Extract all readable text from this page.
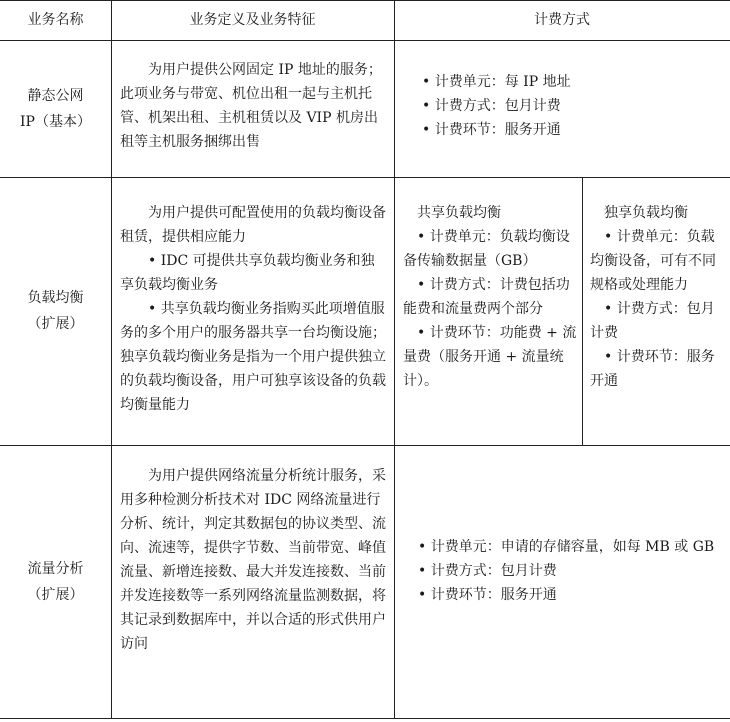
业务名称	业务定义及业务特征	计费方式
静态公网
IP（基本）

为用户提供公网固定 IP 地址的服务；此项业务与带宽、机位出租一起与主机托管、机架出租、主机租赁以及 VIP 机房出租等主机服务捆绑出售

• 计费单元：每 IP 地址

• 计费方式：包月计费

• 计费环节：服务开通

负载均衡
（扩展）

为用户提供可配置使用的负载均衡设备租赁，提供相应能力

• IDC 可提供共享负载均衡业务和独享负载均衡业务

• 共享负载均衡业务指购买此项增值服务的多个用户的服务器共享一台均衡设施；独享负载均衡业务是指为一个用户提供独立的负载均衡设备，用户可独享该设备的负载均衡量能力

共享负载均衡

• 计费单元：负载均衡设备传输数据量（GB）

• 计费方式：计费包括功能费和流量费两个部分

• 计费环节：功能费 + 流量费（服务开通 + 流量统计）。

独享负载均衡

• 计费单元：负载均衡设备，可有不同规格或处理能力

• 计费方式：包月计费

• 计费环节：服务开通

流量分析
（扩展）

为用户提供网络流量分析统计服务，采用多种检测分析技术对 IDC 网络流量进行分析、统计，判定其数据包的协议类型、流向、流速等，提供字节数、当前带宽、峰值流量、新增连接数、最大并发连接数、当前并发连接数等一系列网络流量监测数据，将其记录到数据库中，并以合适的形式供用户访问

• 计费单元：申请的存储容量，如每 MB 或 GB

• 计费方式：包月计费

• 计费环节：服务开通
